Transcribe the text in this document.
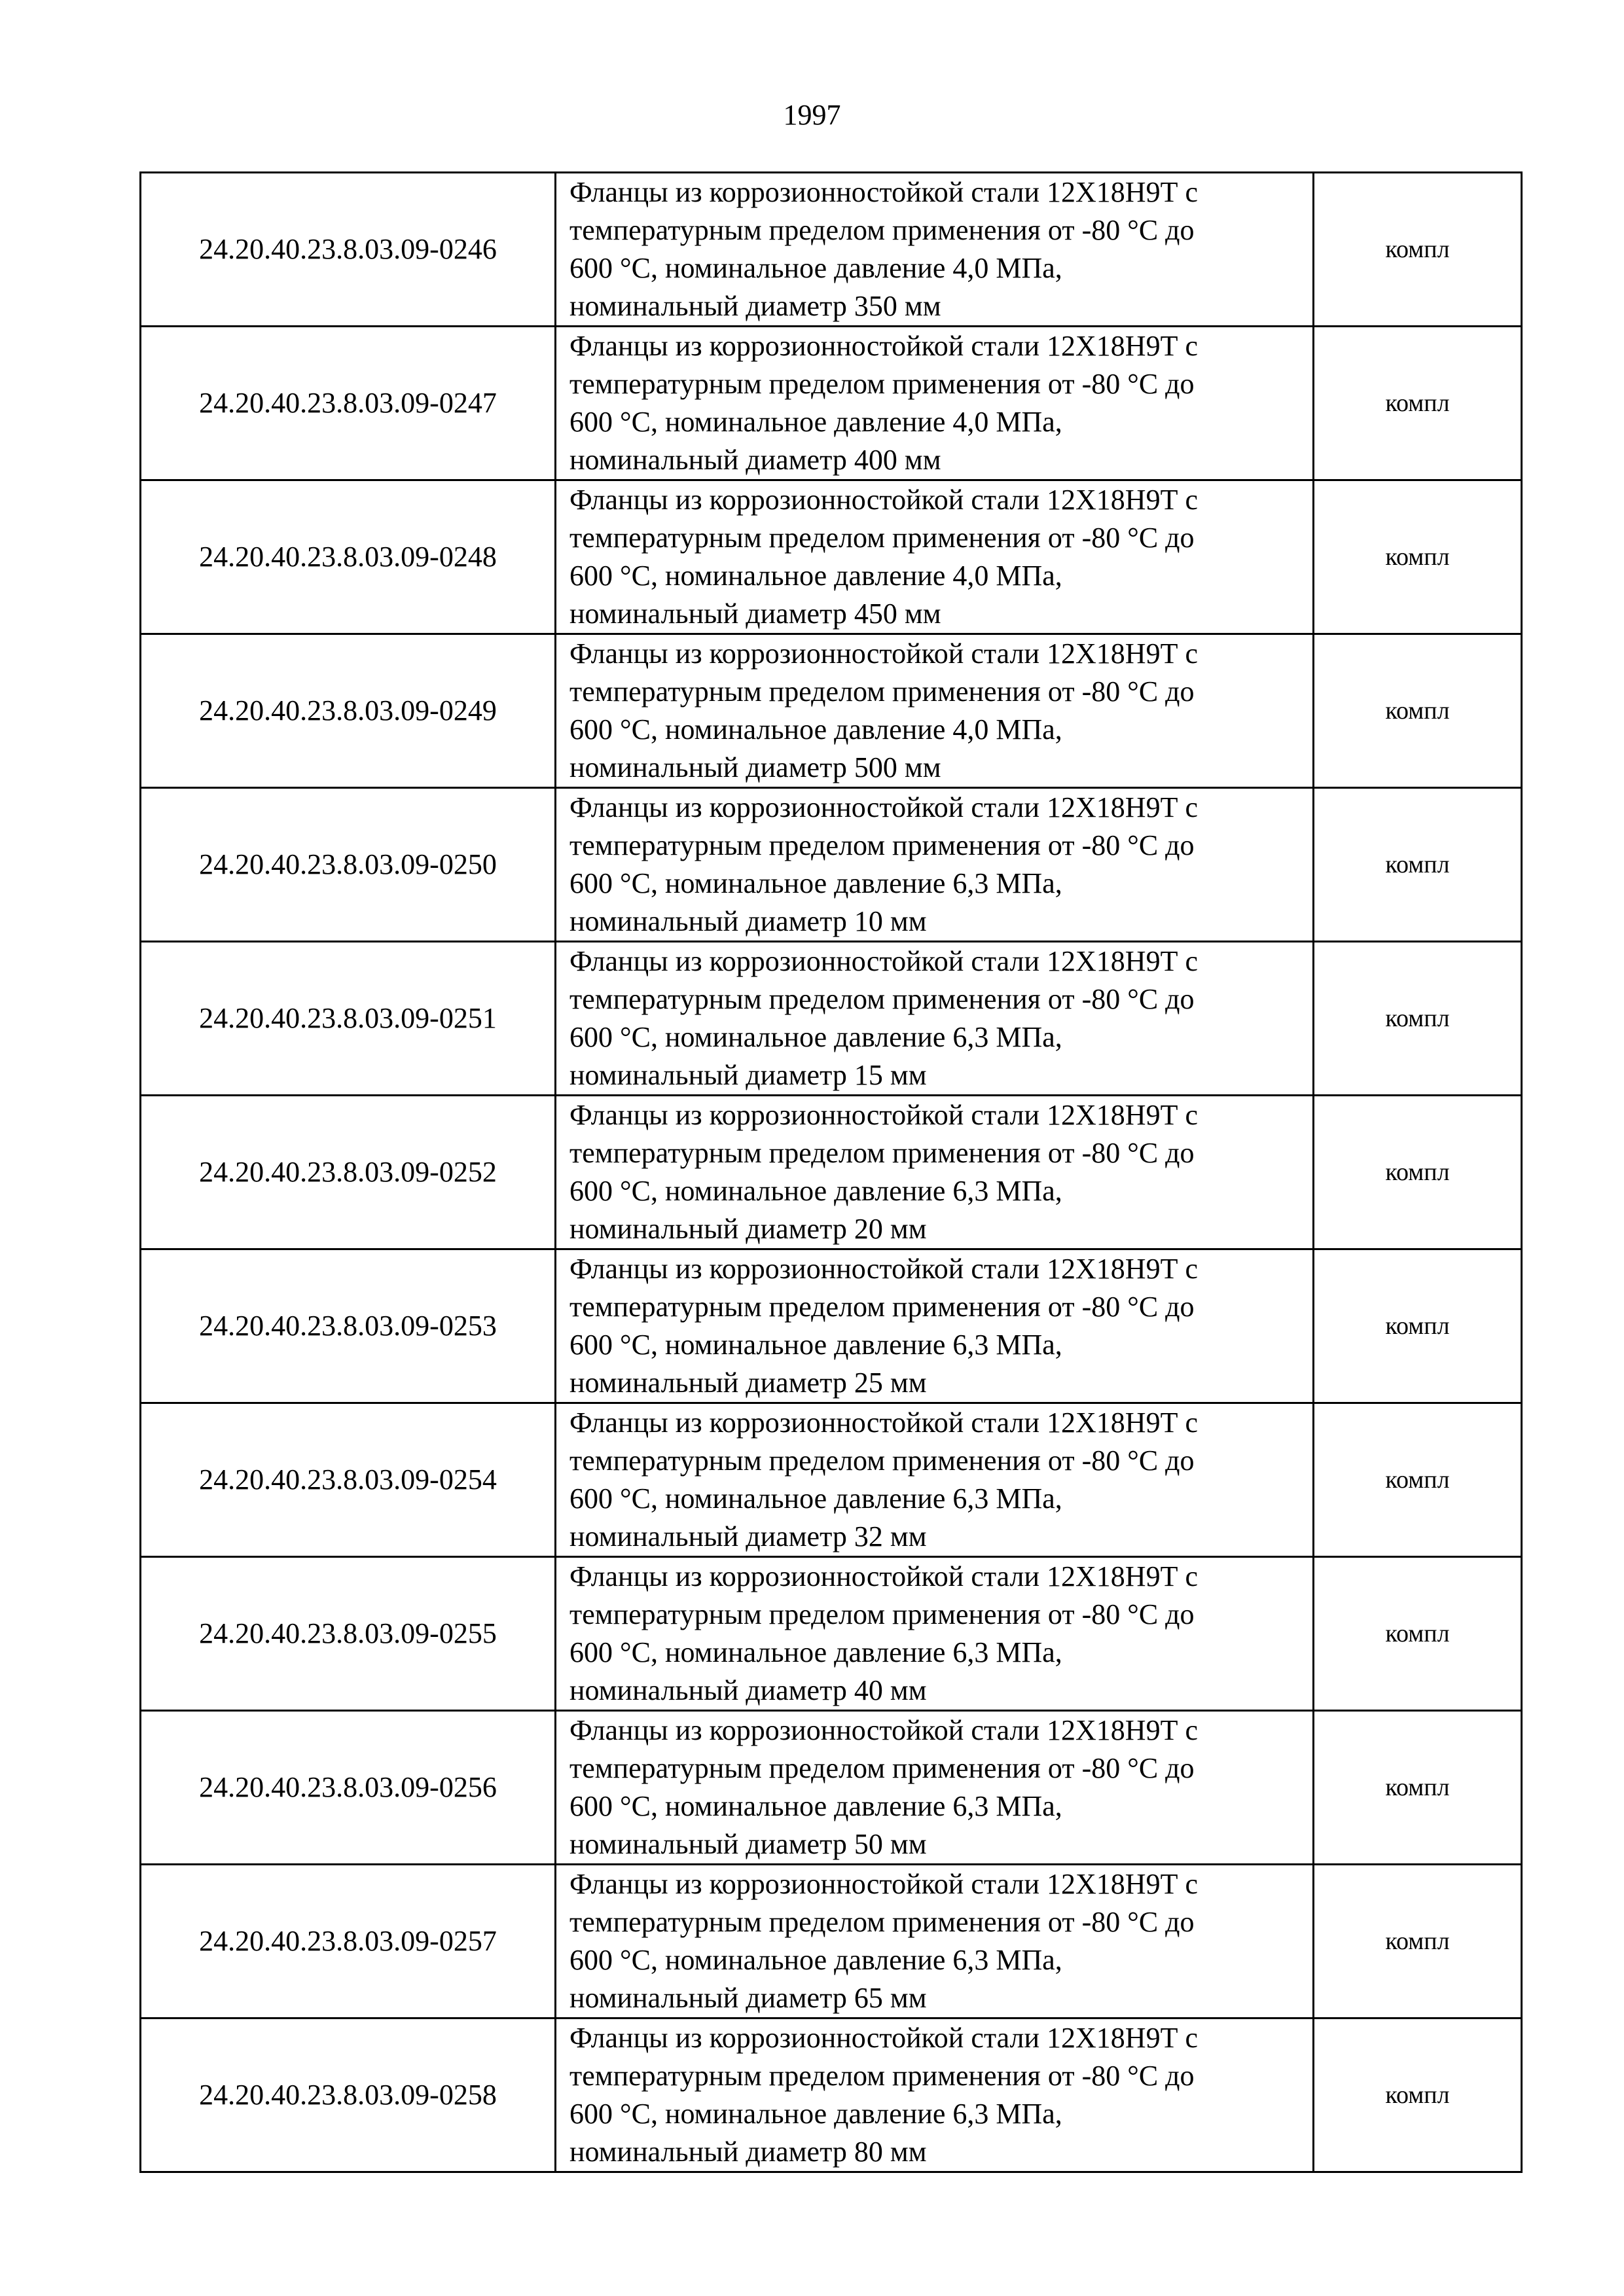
1997
24.20.40.23.8.03.09-0246	Фланцы из коррозионностойкой стали 12Х18Н9Т с
температурным пределом применения от -80 °С до
600 °С, номинальное давление 4,0 МПа,
номинальный диаметр 350 мм	компл
24.20.40.23.8.03.09-0247	Фланцы из коррозионностойкой стали 12Х18Н9Т с
температурным пределом применения от -80 °С до
600 °С, номинальное давление 4,0 МПа,
номинальный диаметр 400 мм	компл
24.20.40.23.8.03.09-0248	Фланцы из коррозионностойкой стали 12Х18Н9Т с
температурным пределом применения от -80 °С до
600 °С, номинальное давление 4,0 МПа,
номинальный диаметр 450 мм	компл
24.20.40.23.8.03.09-0249	Фланцы из коррозионностойкой стали 12Х18Н9Т с
температурным пределом применения от -80 °С до
600 °С, номинальное давление 4,0 МПа,
номинальный диаметр 500 мм	компл
24.20.40.23.8.03.09-0250	Фланцы из коррозионностойкой стали 12Х18Н9Т с
температурным пределом применения от -80 °С до
600 °С, номинальное давление 6,3 МПа,
номинальный диаметр 10 мм	компл
24.20.40.23.8.03.09-0251	Фланцы из коррозионностойкой стали 12Х18Н9Т с
температурным пределом применения от -80 °С до
600 °С, номинальное давление 6,3 МПа,
номинальный диаметр 15 мм	компл
24.20.40.23.8.03.09-0252	Фланцы из коррозионностойкой стали 12Х18Н9Т с
температурным пределом применения от -80 °С до
600 °С, номинальное давление 6,3 МПа,
номинальный диаметр 20 мм	компл
24.20.40.23.8.03.09-0253	Фланцы из коррозионностойкой стали 12Х18Н9Т с
температурным пределом применения от -80 °С до
600 °С, номинальное давление 6,3 МПа,
номинальный диаметр 25 мм	компл
24.20.40.23.8.03.09-0254	Фланцы из коррозионностойкой стали 12Х18Н9Т с
температурным пределом применения от -80 °С до
600 °С, номинальное давление 6,3 МПа,
номинальный диаметр 32 мм	компл
24.20.40.23.8.03.09-0255	Фланцы из коррозионностойкой стали 12Х18Н9Т с
температурным пределом применения от -80 °С до
600 °С, номинальное давление 6,3 МПа,
номинальный диаметр 40 мм	компл
24.20.40.23.8.03.09-0256	Фланцы из коррозионностойкой стали 12Х18Н9Т с
температурным пределом применения от -80 °С до
600 °С, номинальное давление 6,3 МПа,
номинальный диаметр 50 мм	компл
24.20.40.23.8.03.09-0257	Фланцы из коррозионностойкой стали 12Х18Н9Т с
температурным пределом применения от -80 °С до
600 °С, номинальное давление 6,3 МПа,
номинальный диаметр 65 мм	компл
24.20.40.23.8.03.09-0258	Фланцы из коррозионностойкой стали 12Х18Н9Т с
температурным пределом применения от -80 °С до
600 °С, номинальное давление 6,3 МПа,
номинальный диаметр 80 мм	компл
